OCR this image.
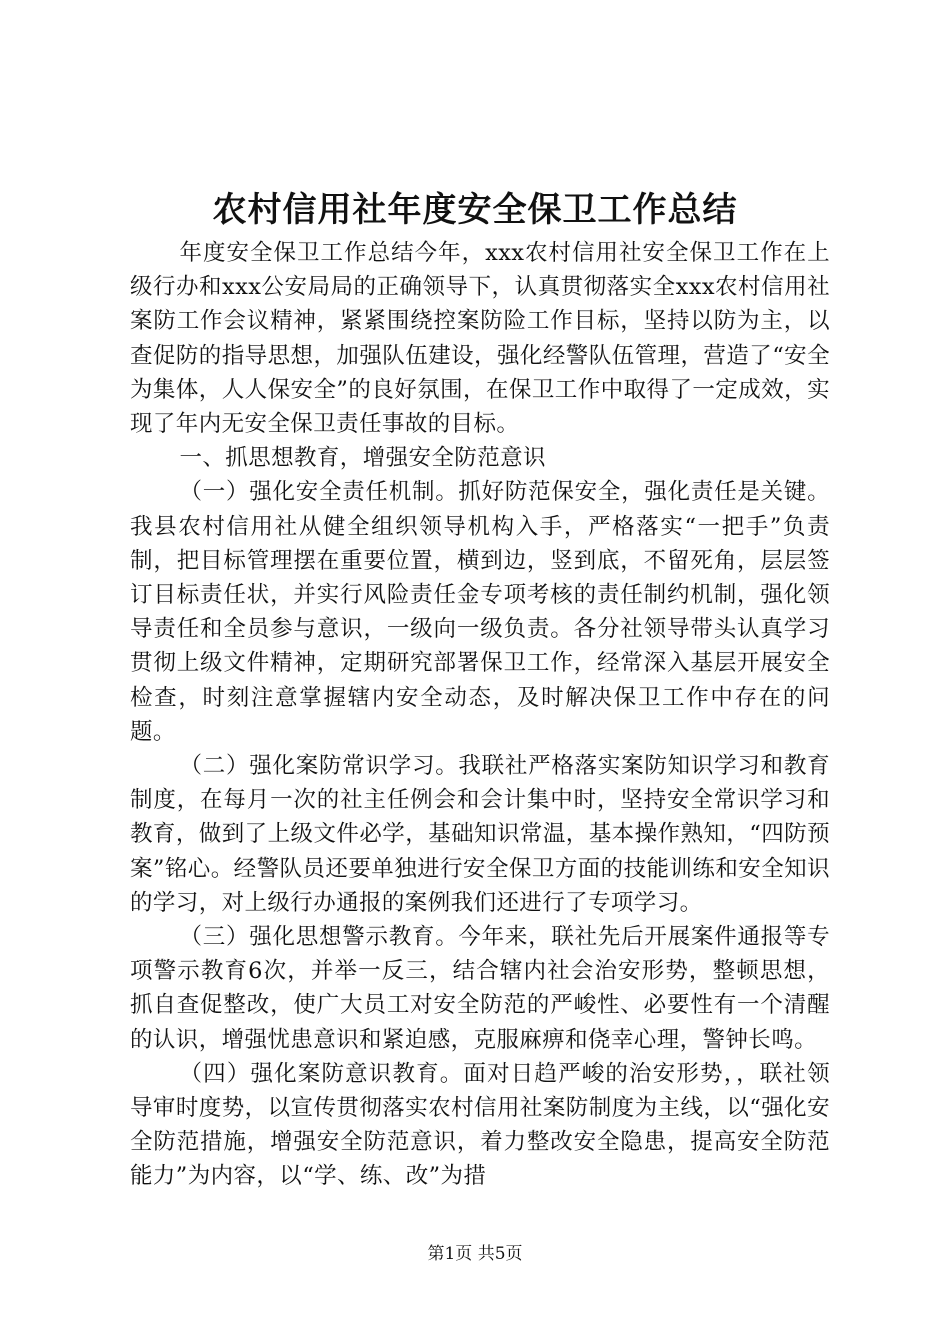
农村信用社年度安全保卫工作总结

年度安全保卫工作总结今年，xxx农村信用社安全保卫工作在上级行办和xxx公安局局的正确领导下，认真贯彻落实全xxx农村信用社案防工作会议精神，紧紧围绕控案防险工作目标，坚持以防为主，以查促防的指导思想，加强队伍建设，强化经警队伍管理，营造了“安全为集体，人人保安全”的良好氛围，在保卫工作中取得了一定成效，实现了年内无安全保卫责任事故的目标。

一、抓思想教育，增强安全防范意识

（一）强化安全责任机制。抓好防范保安全，强化责任是关键。我县农村信用社从健全组织领导机构入手，严格落实“一把手”负责制，把目标管理摆在重要位置，横到边，竖到底，不留死角，层层签订目标责任状，并实行风险责任金专项考核的责任制约机制，强化领导责任和全员参与意识，一级向一级负责。各分社领导带头认真学习贯彻上级文件精神，定期研究部署保卫工作，经常深入基层开展安全检查，时刻注意掌握辖内安全动态，及时解决保卫工作中存在的问题。

（二）强化案防常识学习。我联社严格落实案防知识学习和教育制度，在每月一次的社主任例会和会计集中时，坚持安全常识学习和教育，做到了上级文件必学，基础知识常温，基本操作熟知，“四防预案”铭心。经警队员还要单独进行安全保卫方面的技能训练和安全知识的学习，对上级行办通报的案例我们还进行了专项学习。

（三）强化思想警示教育。今年来，联社先后开展案件通报等专项警示教育6次，并举一反三，结合辖内社会治安形势，整顿思想，抓自查促整改，使广大员工对安全防范的严峻性、必要性有一个清醒的认识，增强忧患意识和紧迫感，克服麻痹和侥幸心理，警钟长鸣。

（四）强化案防意识教育。面对日趋严峻的治安形势，，联社领导审时度势，以宣传贯彻落实农村信用社案防制度为主线，以“强化安全防范措施，增强安全防范意识，着力整改安全隐患，提高安全防范能力”为内容，以“学、练、改”为措

第1页 共5页
